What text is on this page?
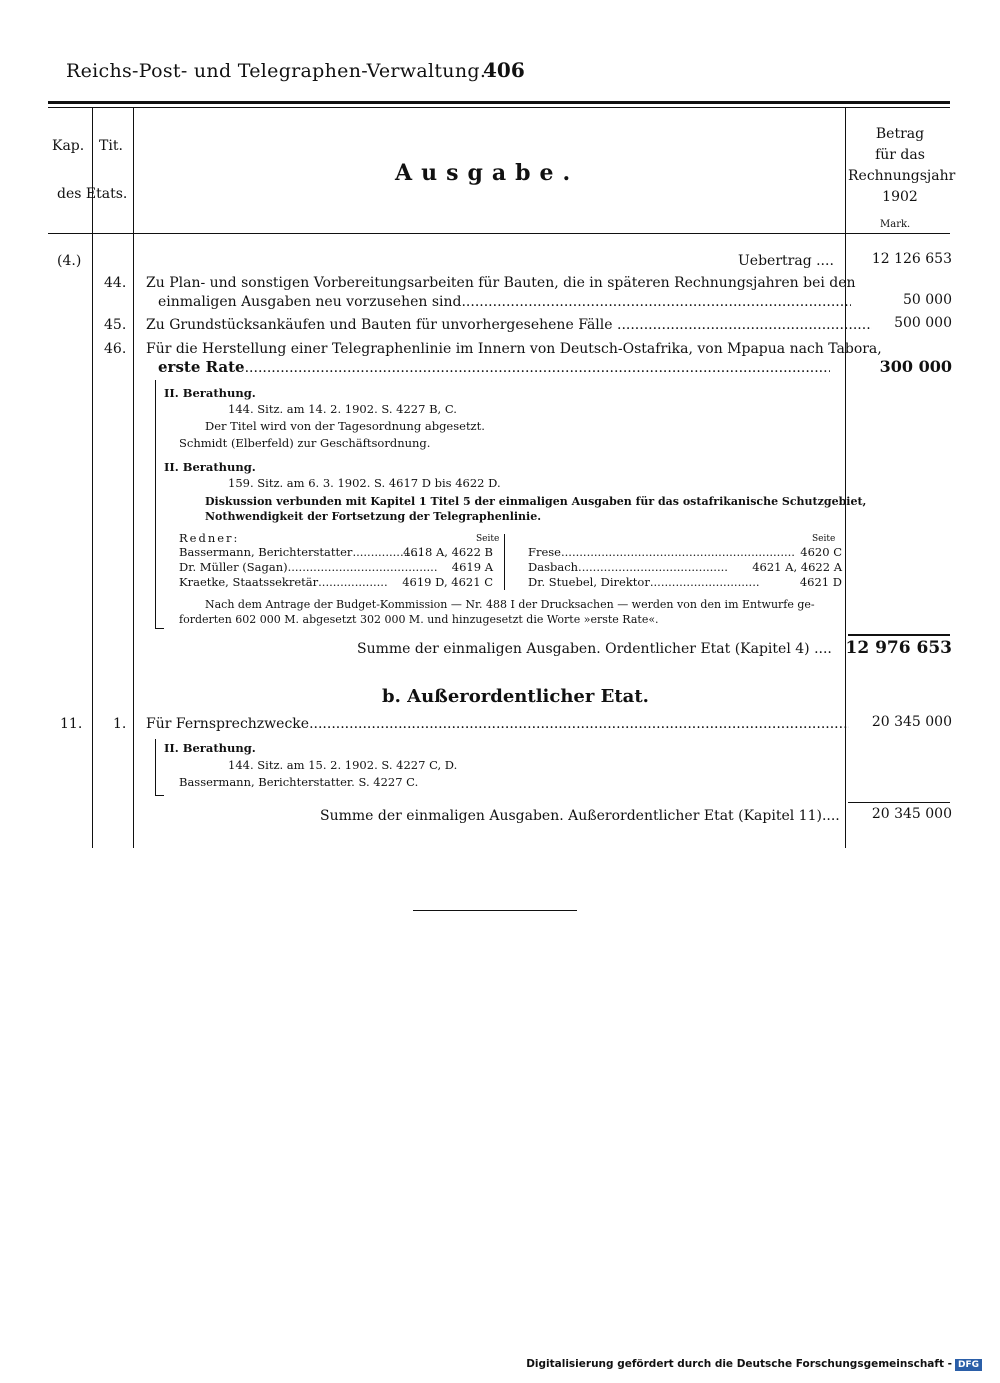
Reichs-Post- und Telegraphen-Verwaltung.
406
Kap. Tit.
des Etats.
Ausgabe.
Betrag
für das
Rechnungsjahr
1902
Mark.
(4.)	Uebertrag ....	12 126 653
44. Zu Plan- und sonstigen Vorbereitungsarbeiten für Bauten, die in späteren Rechnungsjahren bei den
einmaligen Ausgaben neu vorzusehen sind .....	50 000
45. Zu Grundstücksankäufen und Bauten für unvorhergesehene Fälle .....	500 000
46. Für die Herstellung einer Telegraphenlinie im Innern von Deutsch-Ostafrika, von Mpapua nach Tabora,
erste Rate .....	300 000
II. Berathung.
144. Sitz. am 14. 2. 1902. S. 4227 B, C.
Der Titel wird von der Tagesordnung abgesetzt.
Schmidt (Elberfeld) zur Geschäftsordnung.
II. Berathung.
159. Sitz. am 6. 3. 1902. S. 4617 D bis 4622 D.
Diskussion verbunden mit Kapitel 1 Titel 5 der einmaligen Ausgaben für das ostafrikanische Schutzgebiet,
Nothwendigkeit der Fortsetzung der Telegraphenlinie.
Redner:	Seite	Seite
Bassermann, Berichterstatter .....	4618 A, 4622 B
Dr. Müller (Sagan) .....	4619 A
Kraetke, Staatssekretär .....	4619 D, 4621 C
Frese .....	4620 C
Dasbach .....	4621 A, 4622 A
Dr. Stuebel, Direktor .....	4621 D
Nach dem Antrage der Budget-Kommission — Nr. 488 I der Drucksachen — werden von den im Entwurfe ge-
forderten 602 000 M. abgesetzt 302 000 M. und hinzugesetzt die Worte »erste Rate«.
Summe der einmaligen Ausgaben. Ordentlicher Etat (Kapitel 4) .... 12 976 653
b. Außerordentlicher Etat.
11. 1. Für Fernsprechzwecke .....	20 345 000
II. Berathung.
144. Sitz. am 15. 2. 1902. S. 4227 C, D.
Bassermann, Berichterstatter. S. 4227 C.
Summe der einmaligen Ausgaben. Außerordentlicher Etat (Kapitel 11).... 20 345 000
Digitalisierung gefördert durch die Deutsche Forschungsgemeinschaft - DFG
